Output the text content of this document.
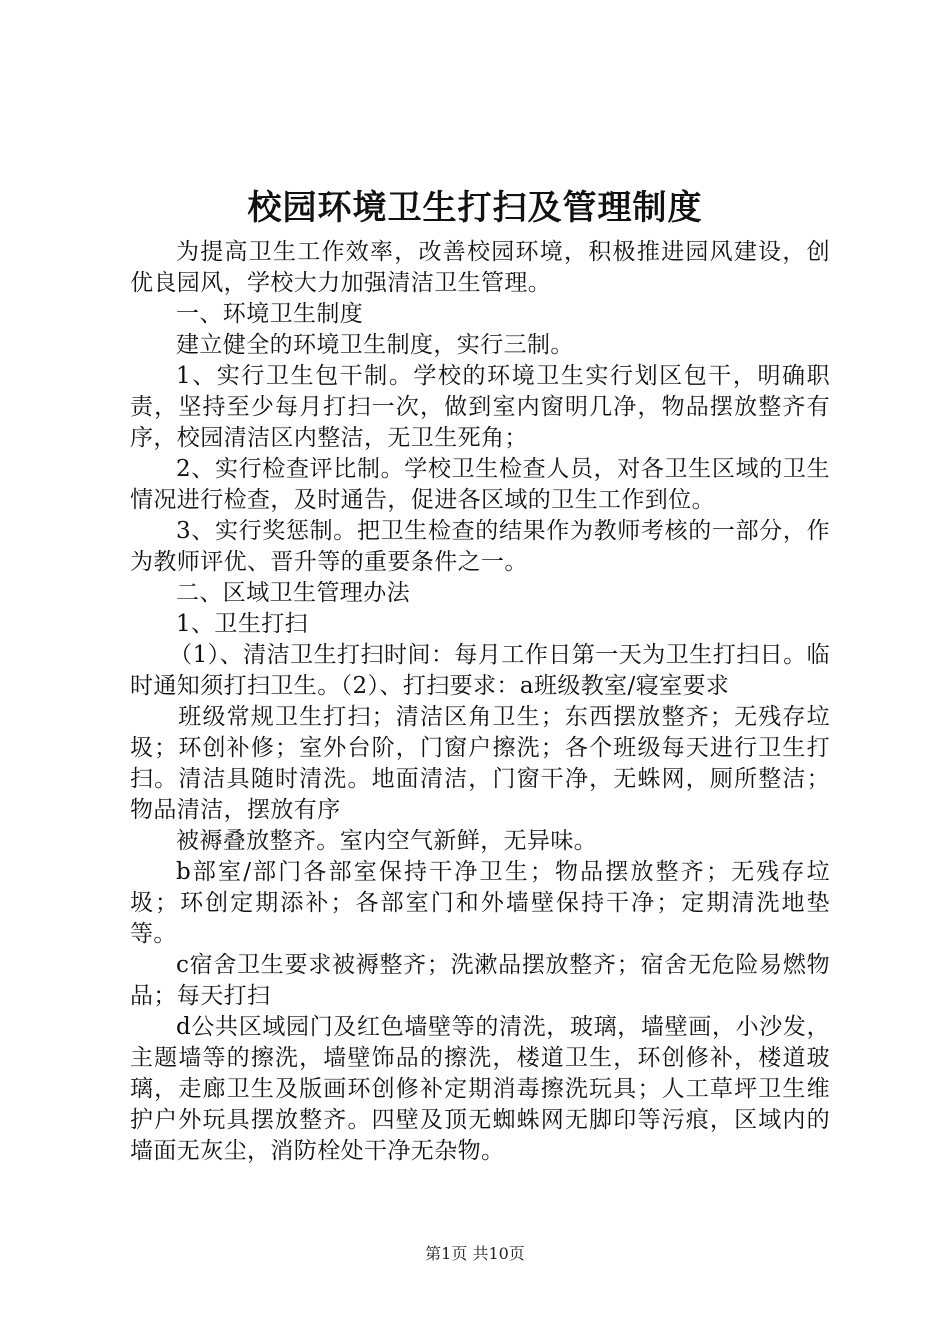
校园环境卫生打扫及管理制度

为提高卫生工作效率，改善校园环境，积极推进园风建设，创优良园风，学校大力加强清洁卫生管理。

一、环境卫生制度

建立健全的环境卫生制度，实行三制。

1、实行卫生包干制。学校的环境卫生实行划区包干，明确职责，坚持至少每月打扫一次，做到室内窗明几净，物品摆放整齐有序，校园清洁区内整洁，无卫生死角；

2、实行检查评比制。学校卫生检查人员，对各卫生区域的卫生情况进行检查，及时通告，促进各区域的卫生工作到位。

3、实行奖惩制。把卫生检查的结果作为教师考核的一部分，作为教师评优、晋升等的重要条件之一。

二、区域卫生管理办法

1、卫生打扫

（1）、清洁卫生打扫时间：每月工作日第一天为卫生打扫日。临时通知须打扫卫生。（2）、打扫要求：a班级教室/寝室要求

班级常规卫生打扫；清洁区角卫生；东西摆放整齐；无残存垃圾；环创补修；室外台阶，门窗户擦洗；各个班级每天进行卫生打扫。清洁具随时清洗。地面清洁，门窗干净，无蛛网，厕所整洁；物品清洁，摆放有序

被褥叠放整齐。室内空气新鲜，无异味。

b部室/部门各部室保持干净卫生；物品摆放整齐；无残存垃圾；环创定期添补；各部室门和外墙壁保持干净；定期清洗地垫等。

c宿舍卫生要求被褥整齐；洗漱品摆放整齐；宿舍无危险易燃物品；每天打扫

d公共区域园门及红色墙壁等的清洗，玻璃，墙壁画，小沙发，主题墙等的擦洗，墙壁饰品的擦洗，楼道卫生，环创修补，楼道玻璃，走廊卫生及版画环创修补定期消毒擦洗玩具；人工草坪卫生维护户外玩具摆放整齐。四壁及顶无蜘蛛网无脚印等污痕，区域内的墙面无灰尘，消防栓处干净无杂物。

第1页 共10页
